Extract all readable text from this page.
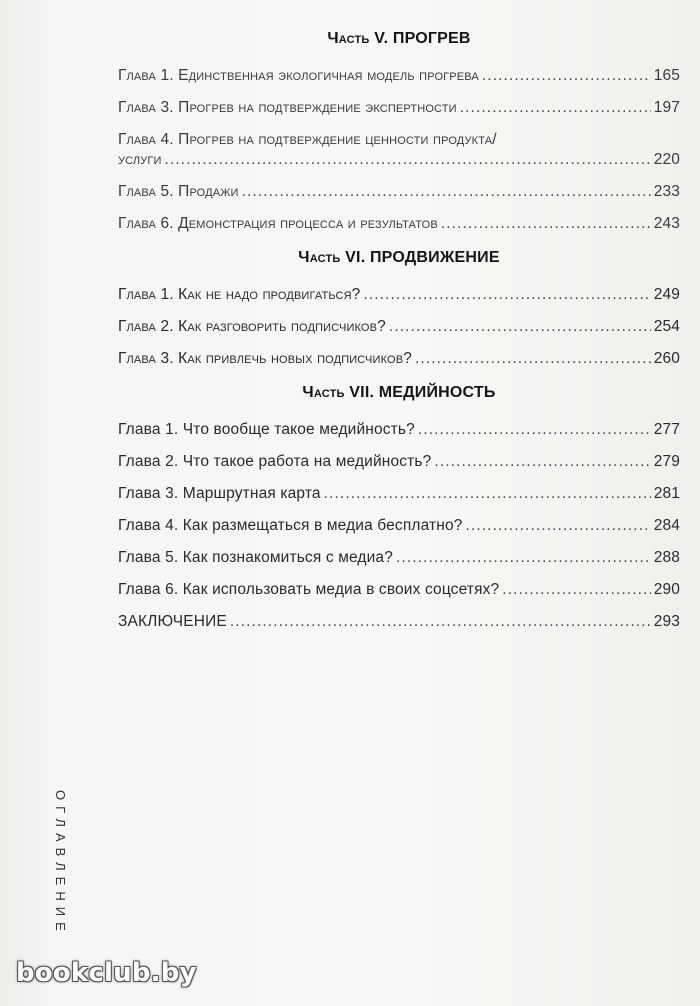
Часть V. ПРОГРЕВ
Глава 1. Единственная экологичная модель прогрева . . .	165
Глава 3. Прогрев на подтверждение экспертности . . .	197
Глава 4. Прогрев на подтверждение ценности продукта/
услуги . . .	220
Глава 5. Продажи . . .	233
Глава 6. Демонстрация процесса и результатов . . .	243
Часть VI. ПРОДВИЖЕНИЕ
Глава 1. Как не надо продвигаться? . . .	249
Глава 2. Как разговорить подписчиков? . . .	254
Глава 3. Как привлечь новых подписчиков? . . .	260
Часть VII. МЕДИЙНОСТЬ
Глава 1. Что вообще такое медийность? . . .	277
Глава 2. Что такое работа на медийность? . . .	279
Глава 3. Маршрутная карта . . .	281
Глава 4. Как размещаться в медиа бесплатно? . . .	284
Глава 5. Как познакомиться с медиа? . . .	288
Глава 6. Как использовать медиа в своих соцсетях? . . .	290
ЗАКЛЮЧЕНИЕ . . .	293
ОГЛАВЛЕНИЕ
bookclub.by
